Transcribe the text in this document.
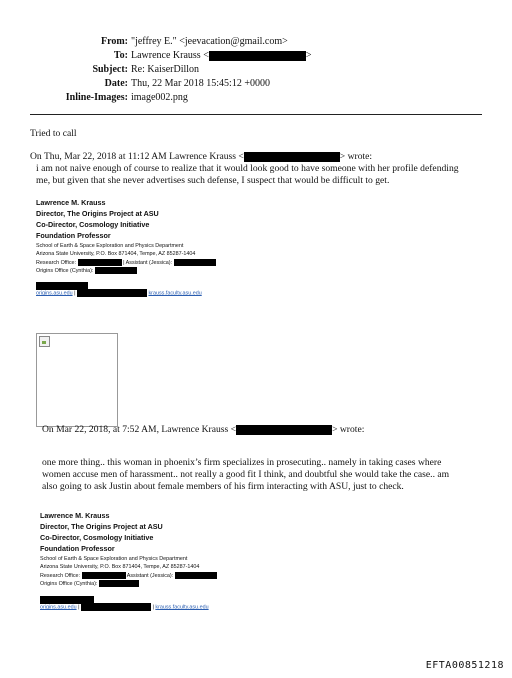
From: "jeffrey E." <jeevacation@gmail.com>
To: Lawrence Krauss <	>
Subject: Re: KaiserDillon
Date: Thu, 22 Mar 2018 15:45:12 +0000
Inline-Images: image002.png
Tried to call
On Thu, Mar 22, 2018 at 11:12 AM Lawrence Krauss <	> wrote:
i am not naive enough of course to realize that it would look good to have someone with her profile defending
me, but given that she never advertises such defense, I suspect that would be difficult to get.
Lawrence M. Krauss
Director, The Origins Project at ASU
Co-Director, Cosmology Initiative
Foundation Professor
School of Earth & Space Exploration and Physics Department
Arizona State University, P.O. Box 871404, Tempe, AZ 85287-1404
Research Office:	| Assistant (Jessica):
Origins Office (Cynthia):
origins.asu.edu |	krauss.faculty.asu.edu
On Mar 22, 2018, at 7:52 AM, Lawrence Krauss <	> wrote:
one more thing.. this woman in phoenix’s firm specializes in prosecuting.. namely in taking cases where
women accuse men of harassment.. not really a good fit I think, and doubtful she would take the case.. am
also going to ask Justin about female members of his firm interacting with ASU, just to check.
Lawrence M. Krauss
Director, The Origins Project at ASU
Co-Director, Cosmology Initiative
Foundation Professor
School of Earth & Space Exploration and Physics Department
Arizona State University, P.O. Box 871404, Tempe, AZ 85287-1404
Research Office:	Assistant (Jessica):
Origins Office (Cynthia):
origins.asu.edu |	| krauss.faculty.asu.edu
EFTA00851218
